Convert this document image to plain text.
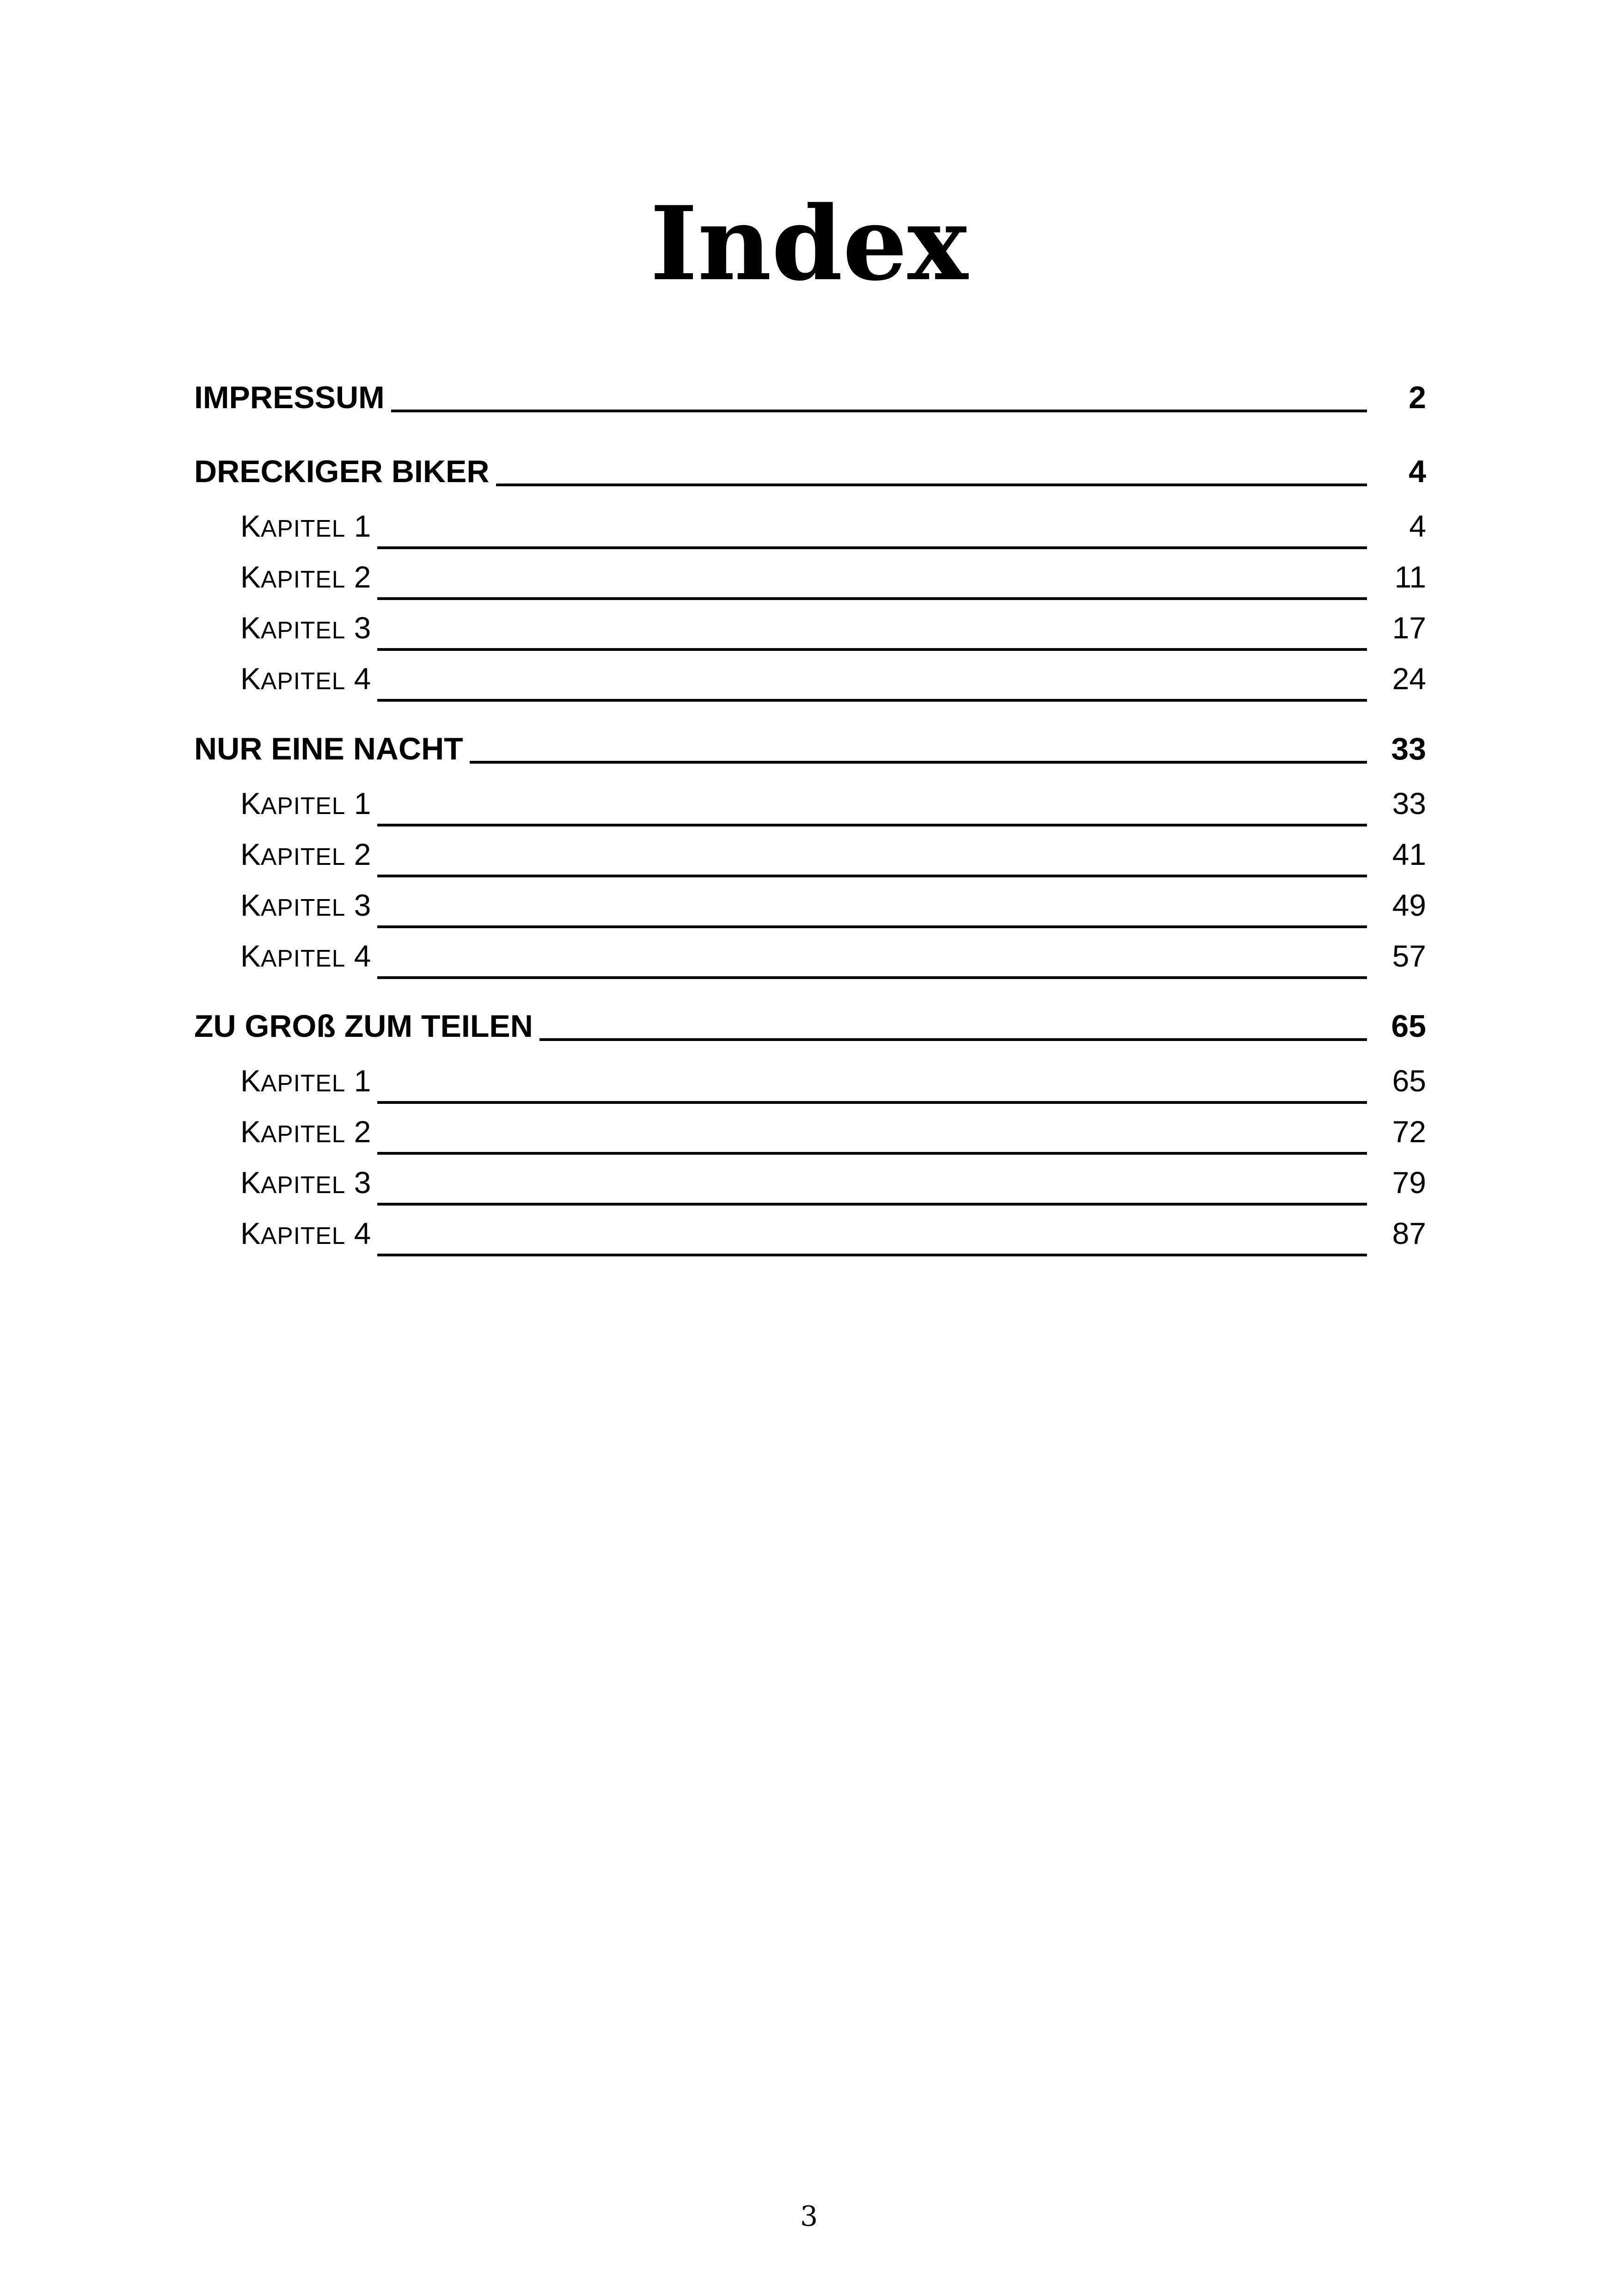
Index
IMPRESSUM	2
DRECKIGER BIKER	4
KAPITEL 1	4
KAPITEL 2	11
KAPITEL 3	17
KAPITEL 4	24
NUR EINE NACHT	33
KAPITEL 1	33
KAPITEL 2	41
KAPITEL 3	49
KAPITEL 4	57
ZU GROß ZUM TEILEN	65
KAPITEL 1	65
KAPITEL 2	72
KAPITEL 3	79
KAPITEL 4	87
3
